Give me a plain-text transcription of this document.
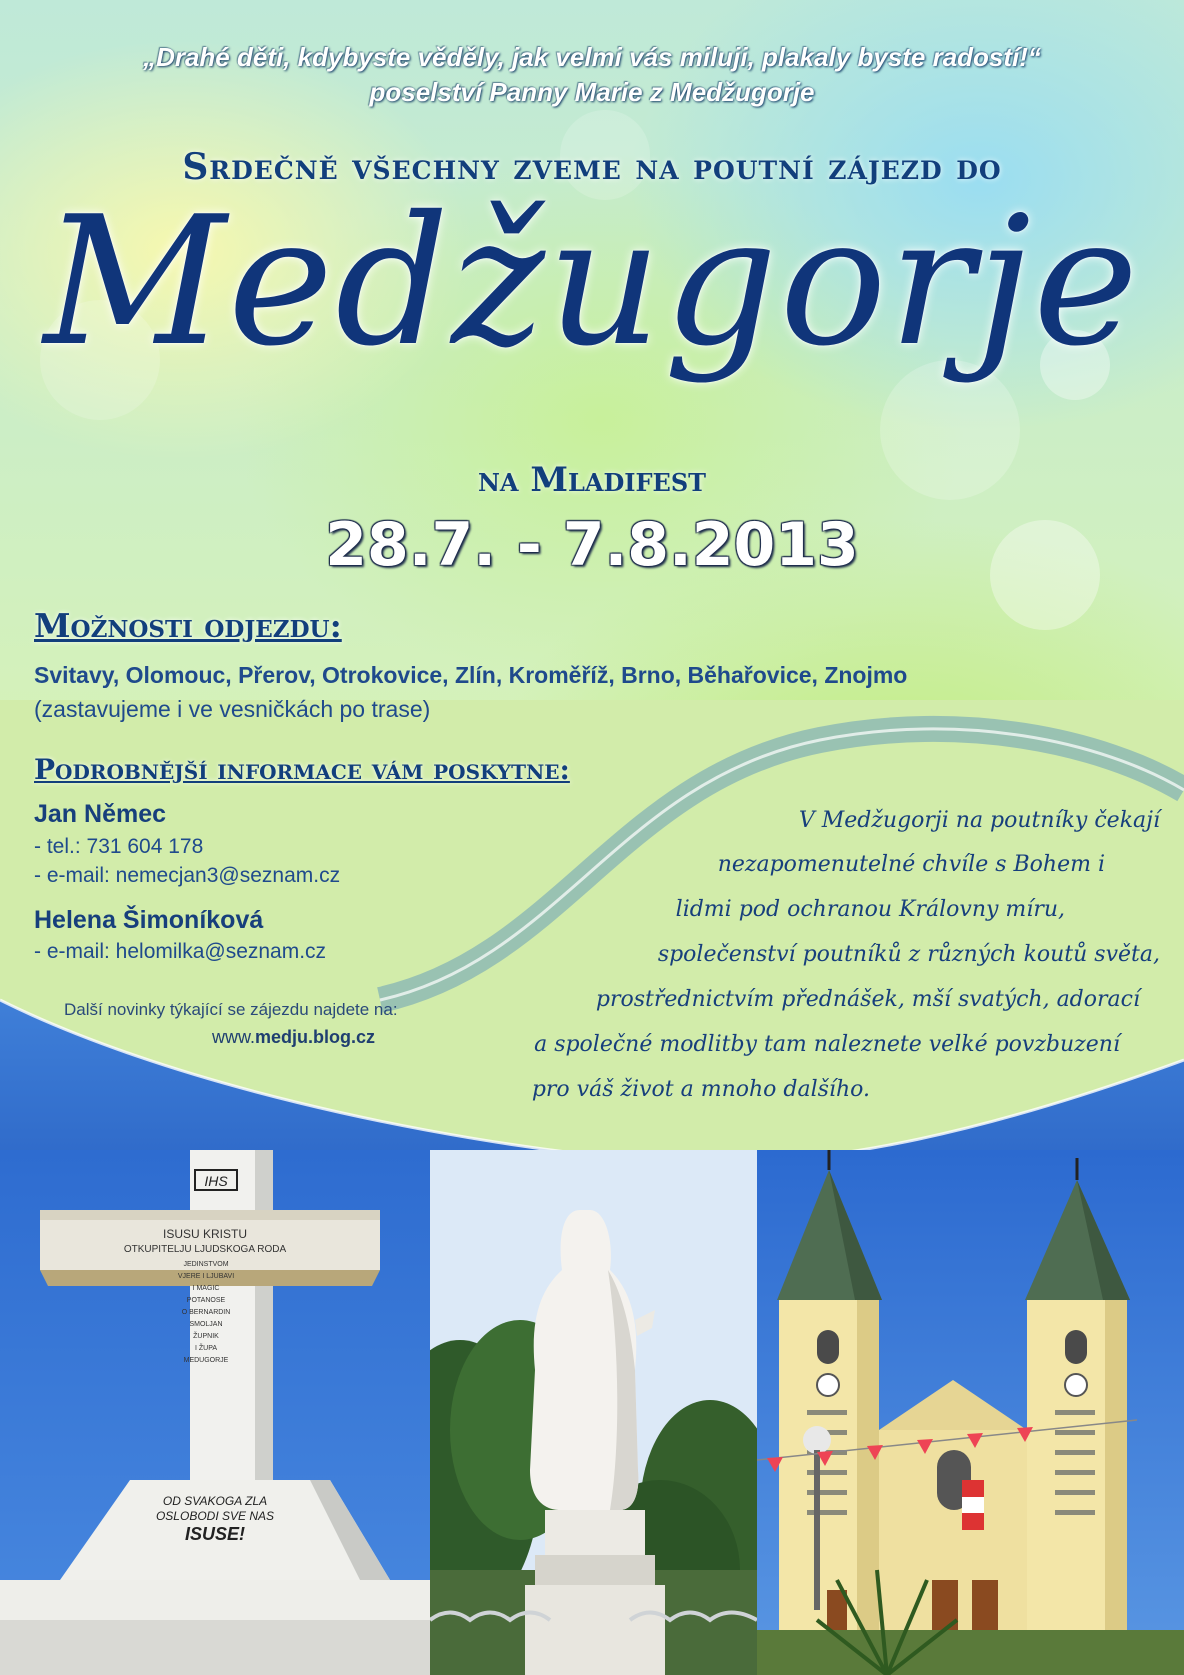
„Drahé děti, kdybyste věděly, jak velmi vás miluji, plakaly byste radostí!“
poselství Panny Marie z Medžugorje
Srdečně všechny zveme na poutní zájezd do
Medžugorje
na Mladifest
28.7. - 7.8.2013
Možnosti odjezdu:
Svitavy, Olomouc, Přerov, Otrokovice, Zlín, Kroměříž, Brno, Běhařovice, Znojmo
(zastavujeme i ve vesničkách po trase)
Podrobnější informace vám poskytne:
Jan Němec
- tel.: 731 604 178
- e-mail: nemecjan3@seznam.cz
Helena Šimoníková
- e-mail: helomilka@seznam.cz
Další novinky týkající se zájezdu najdete na:
www.medju.blog.cz
V Medžugorji na poutníky čekají
nezapomenutelné chvíle s Bohem i
lidmi pod ochranou Královny míru,
společenství poutníků z různých koutů světa,
prostřednictvím přednášek, mší svatých, adorací
a společné modlitby tam naleznete velké povzbuzení
pro váš život a mnoho dalšího.
IHS
ISUSU KRISTU
OTKUPITELJU LJUDSKOGA RODA
JEDINSTVOM
VJERE I LJUBAVI
I MAGIC
POTANOSE
O BERNARDIN
SMOLJAN
ŽUPNIK
I ŽUPA
MEDUGORJE
OD SVAKOGA ZLA
OSLOBODI SVE NAS
ISUSE!
